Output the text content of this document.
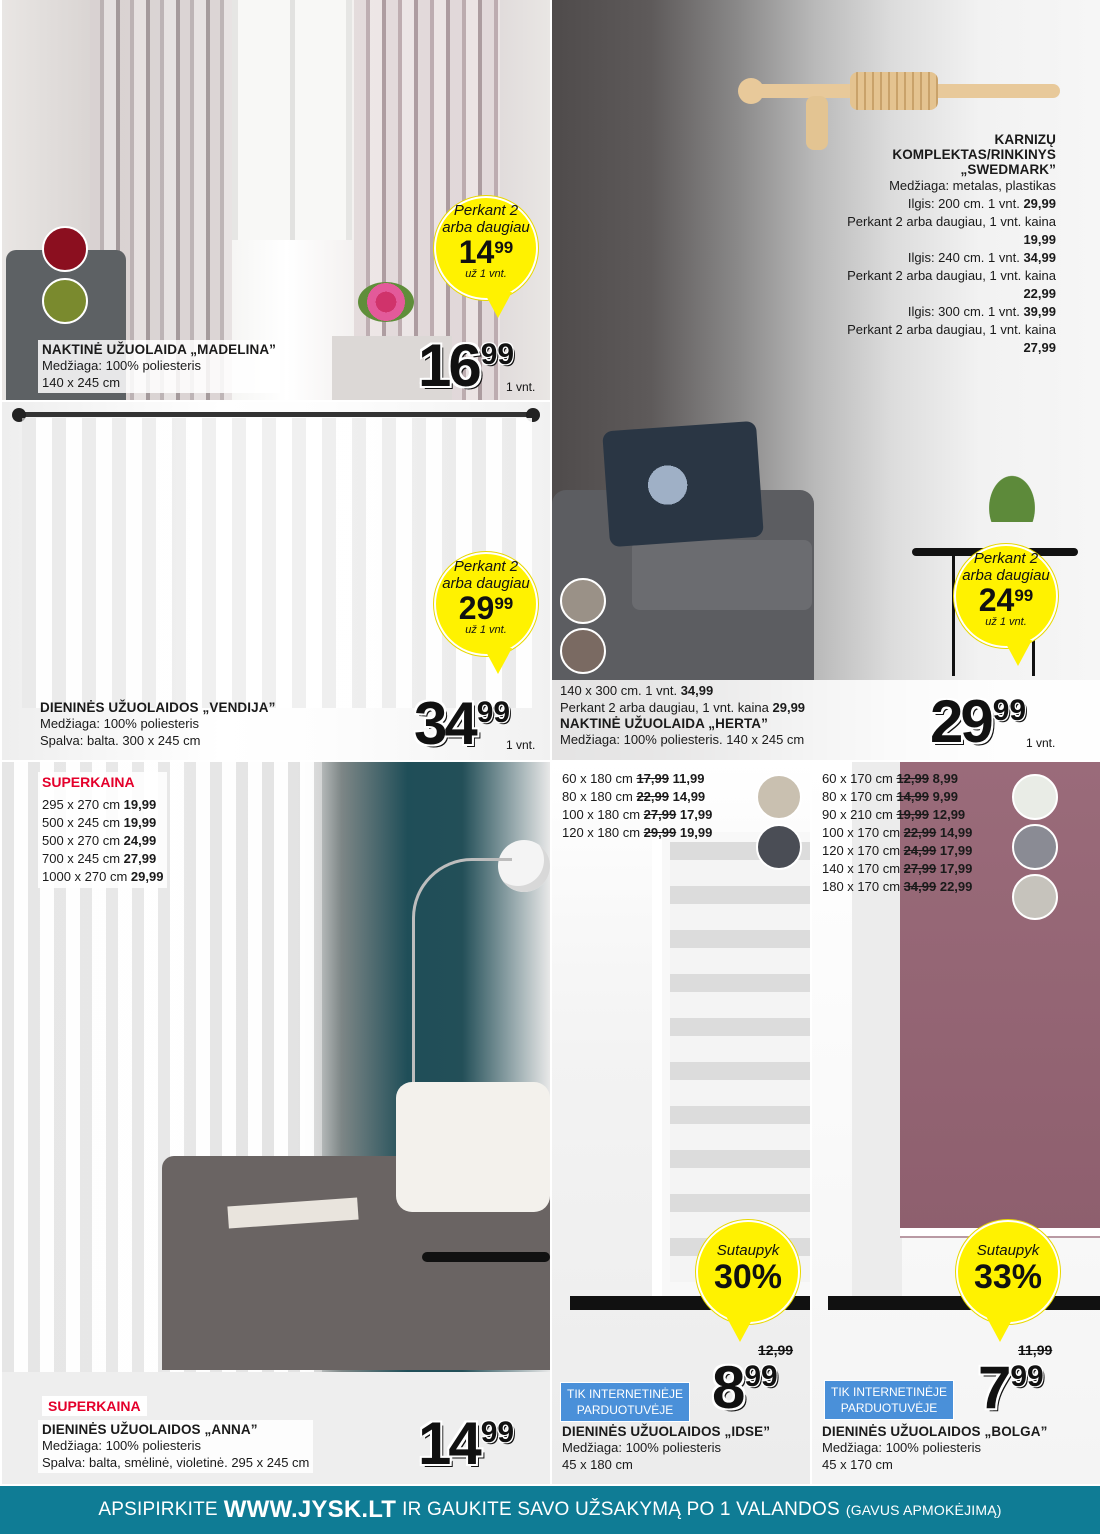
Perkant 2
arba daugiau
14 99
už 1 vnt.
NAKTINĖ UŽUOLAIDA „MADELINA”
Medžiaga: 100% poliesteris
140 x 245 cm	16 99
1 vnt.
Perkant 2
arba daugiau
29 99
už 1 vnt.
DIENINĖS UŽUOLAIDOS „VENDIJA”
Medžiaga: 100% poliesteris
Spalva: balta. 300 x 245 cm	34 99
1 vnt.
KARNIZŲ
KOMPLEKTAS/RINKINYS
„SWEDMARK”
Medžiaga: metalas, plastikas
Ilgis: 200 cm. 1 vnt. 29,99
Perkant 2 arba daugiau, 1 vnt. kaina
19,99
Ilgis: 240 cm. 1 vnt. 34,99
Perkant 2 arba daugiau, 1 vnt. kaina
22,99
Ilgis: 300 cm. 1 vnt. 39,99
Perkant 2 arba daugiau, 1 vnt. kaina
27,99
Perkant 2
arba daugiau
24 99
už 1 vnt.
140 x 300 cm. 1 vnt. 34,99
Perkant 2 arba daugiau, 1 vnt. kaina 29,99
NAKTINĖ UŽUOLAIDA „HERTA”
Medžiaga: 100% poliesteris. 140 x 245 cm	29 99
1 vnt.
SUPERKAINA
295 x 270 cm 19,99
500 x 245 cm 19,99
500 x 270 cm 24,99
700 x 245 cm 27,99
1000 x 270 cm 29,99
SUPERKAINA
DIENINĖS UŽUOLAIDOS „ANNA”
Medžiaga: 100% poliesteris
Spalva: balta, smėlinė, violetinė. 295 x 245 cm 14 99
60 x 180 cm 17,99 11,99
80 x 180 cm 22,99 14,99
100 x 180 cm 27,99 17,99
120 x 180 cm 29,99 19,99
Sutaupyk
30%
12,99
8 99
TIK INTERNETINĖJE
PARDUOTUVĖJE
DIENINĖS UŽUOLAIDOS „IDSE”
Medžiaga: 100% poliesteris
45 x 180 cm
60 x 170 cm 12,99 8,99
80 x 170 cm 14,99 9,99
90 x 210 cm 19,99 12,99
100 x 170 cm 22,99 14,99
120 x 170 cm 24,99 17,99
140 x 170 cm 27,99 17,99
180 x 170 cm 34,99 22,99
Sutaupyk
33%
11,99
7 99
TIK INTERNETINĖJE
PARDUOTUVĖJE
DIENINĖS UŽUOLAIDOS „BOLGA”
Medžiaga: 100% poliesteris
45 x 170 cm
APSIPIRKITE WWW.JYSK.LT IR GAUKITE SAVO UŽSAKYMĄ PO 1 VALANDOS (GAVUS APMOKĖJIMĄ)
